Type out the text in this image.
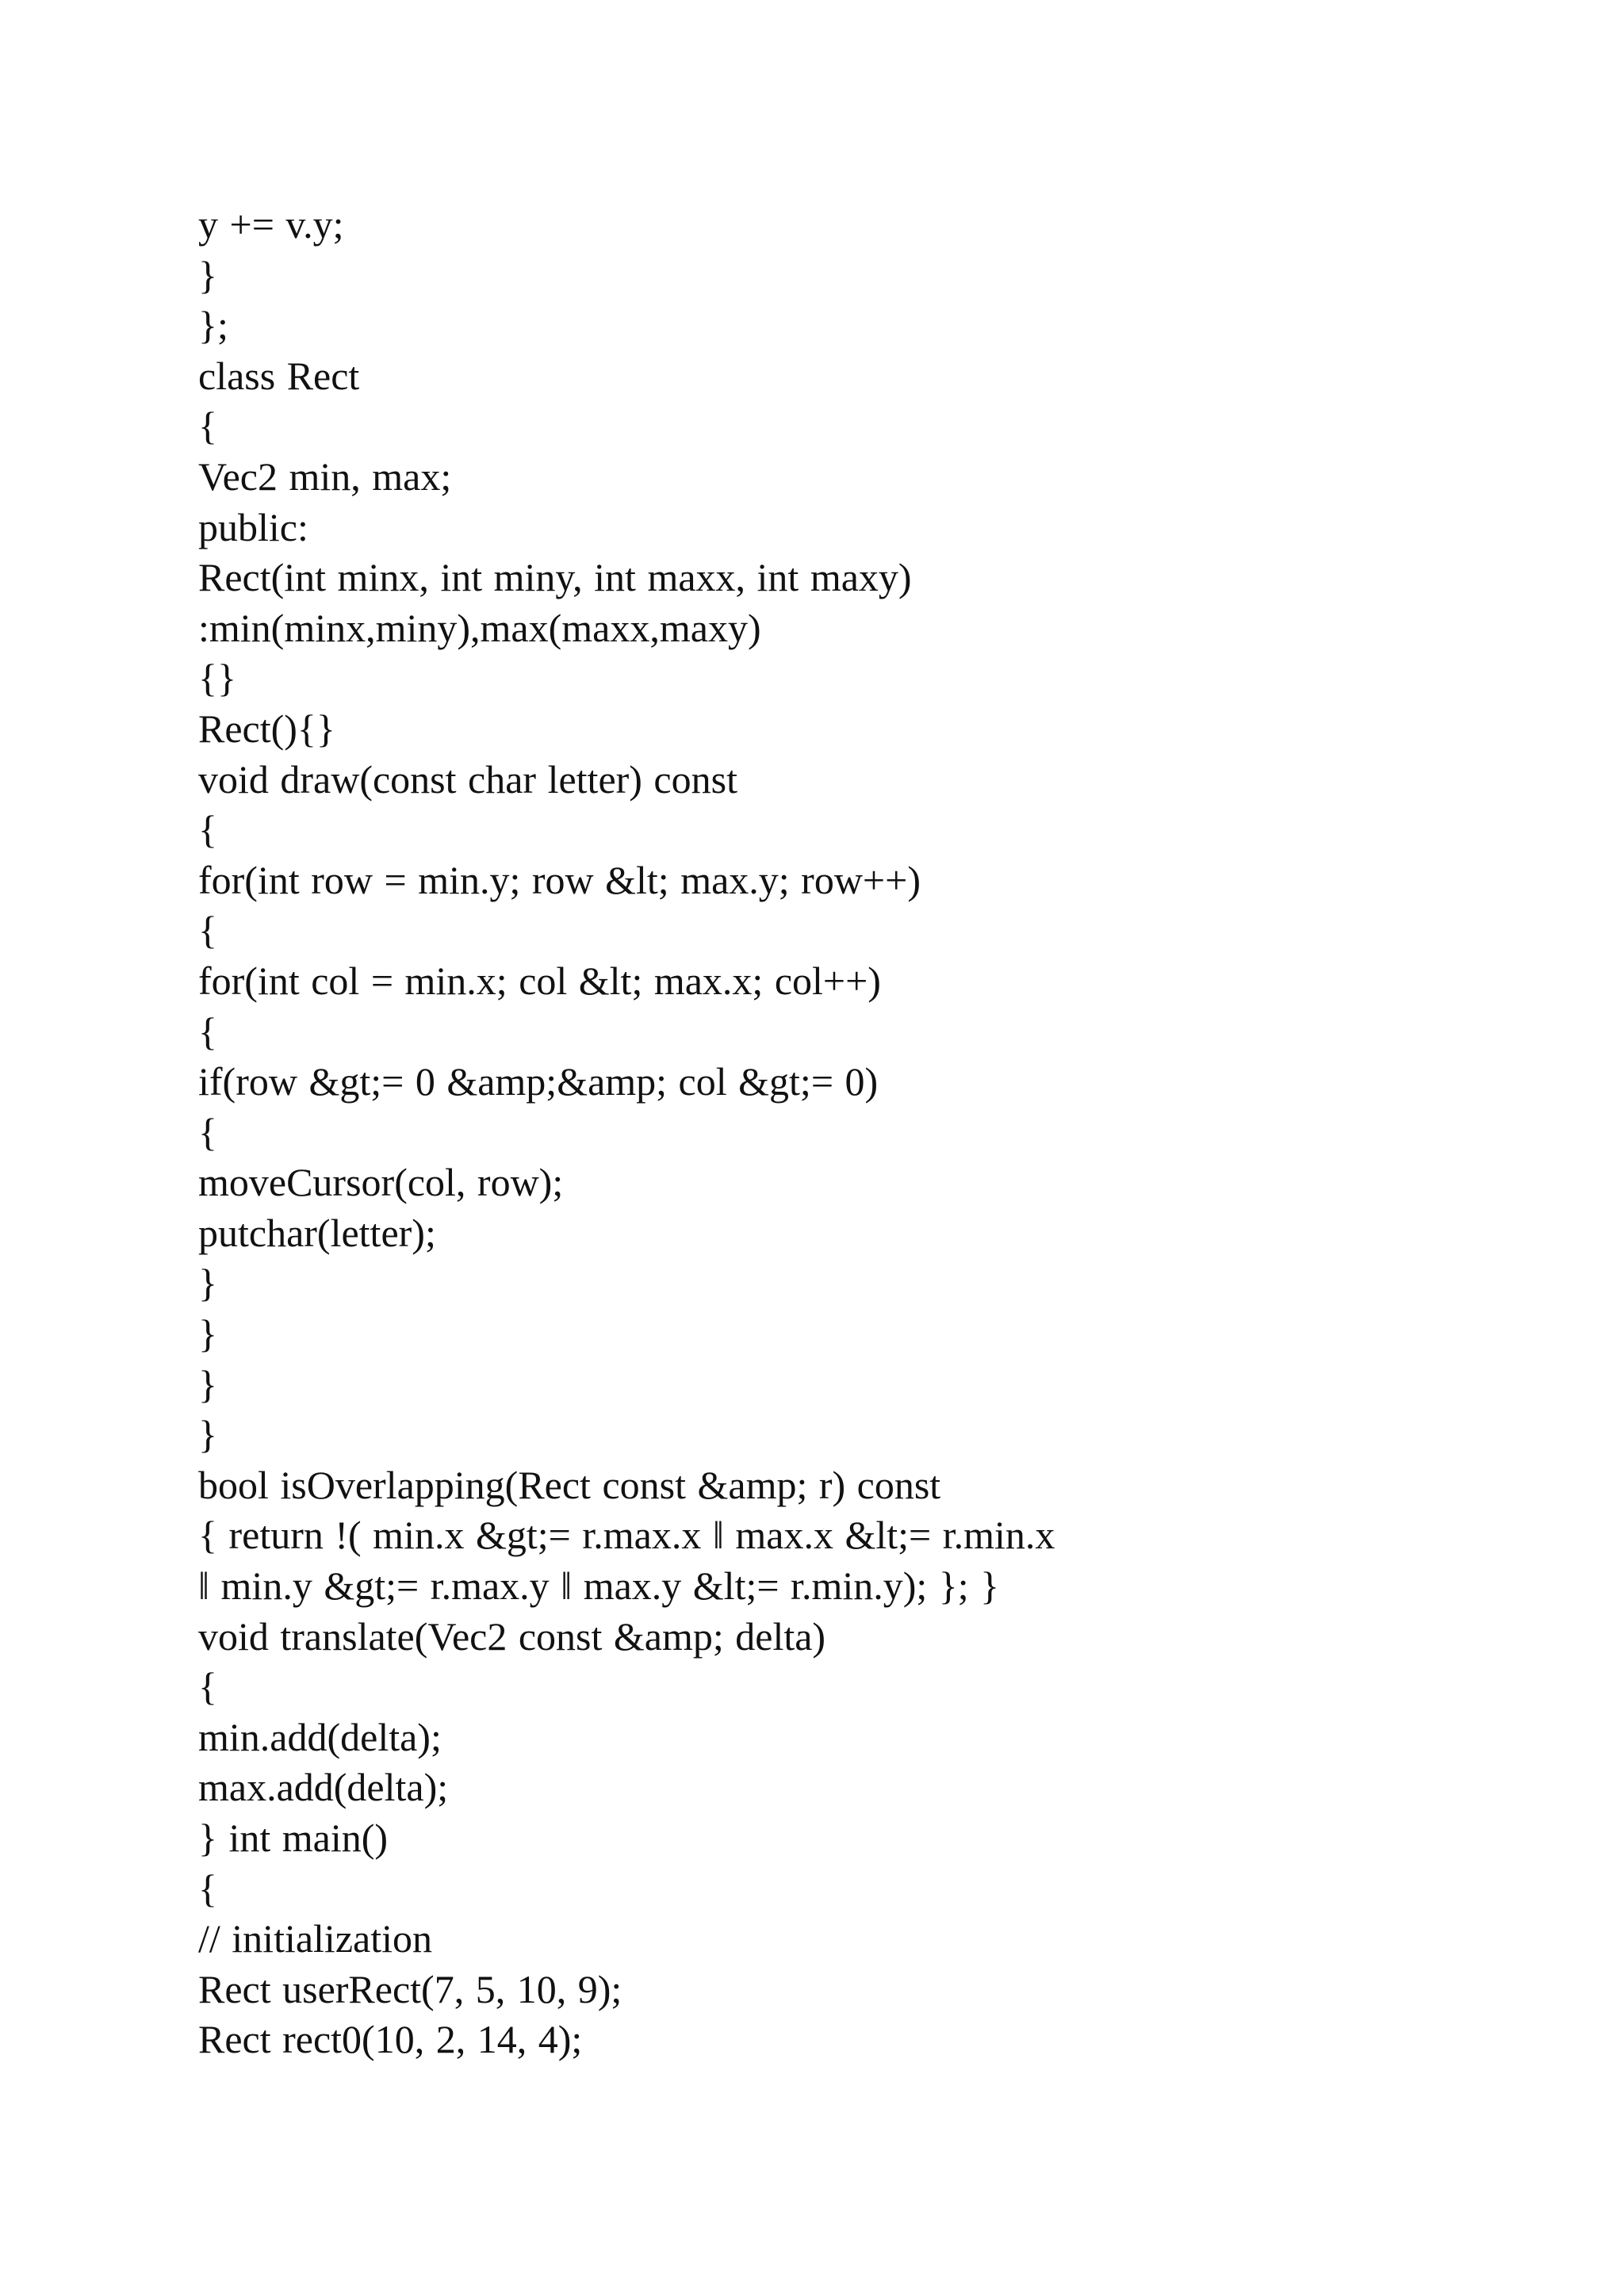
y += v.y;
}
};
class Rect
{
Vec2 min, max;
public:
Rect(int minx, int miny, int maxx, int maxy)
:min(minx,miny),max(maxx,maxy)
{}
Rect(){}
void draw(const char letter) const
{
for(int row = min.y; row &lt; max.y; row++)
{
for(int col = min.x; col &lt; max.x; col++)
{
if(row &gt;= 0 &amp;&amp; col &gt;= 0)
{
moveCursor(col, row);
putchar(letter);
}
}
}
}
bool isOverlapping(Rect const &amp; r) const
{ return !( min.x &gt;= r.max.x ‖ max.x &lt;= r.min.x
‖ min.y &gt;= r.max.y ‖ max.y &lt;= r.min.y); }; }
void translate(Vec2 const &amp; delta)
{
min.add(delta);
max.add(delta);
} int main()
{
// initialization
Rect userRect(7, 5, 10, 9);
Rect rect0(10, 2, 14, 4);
